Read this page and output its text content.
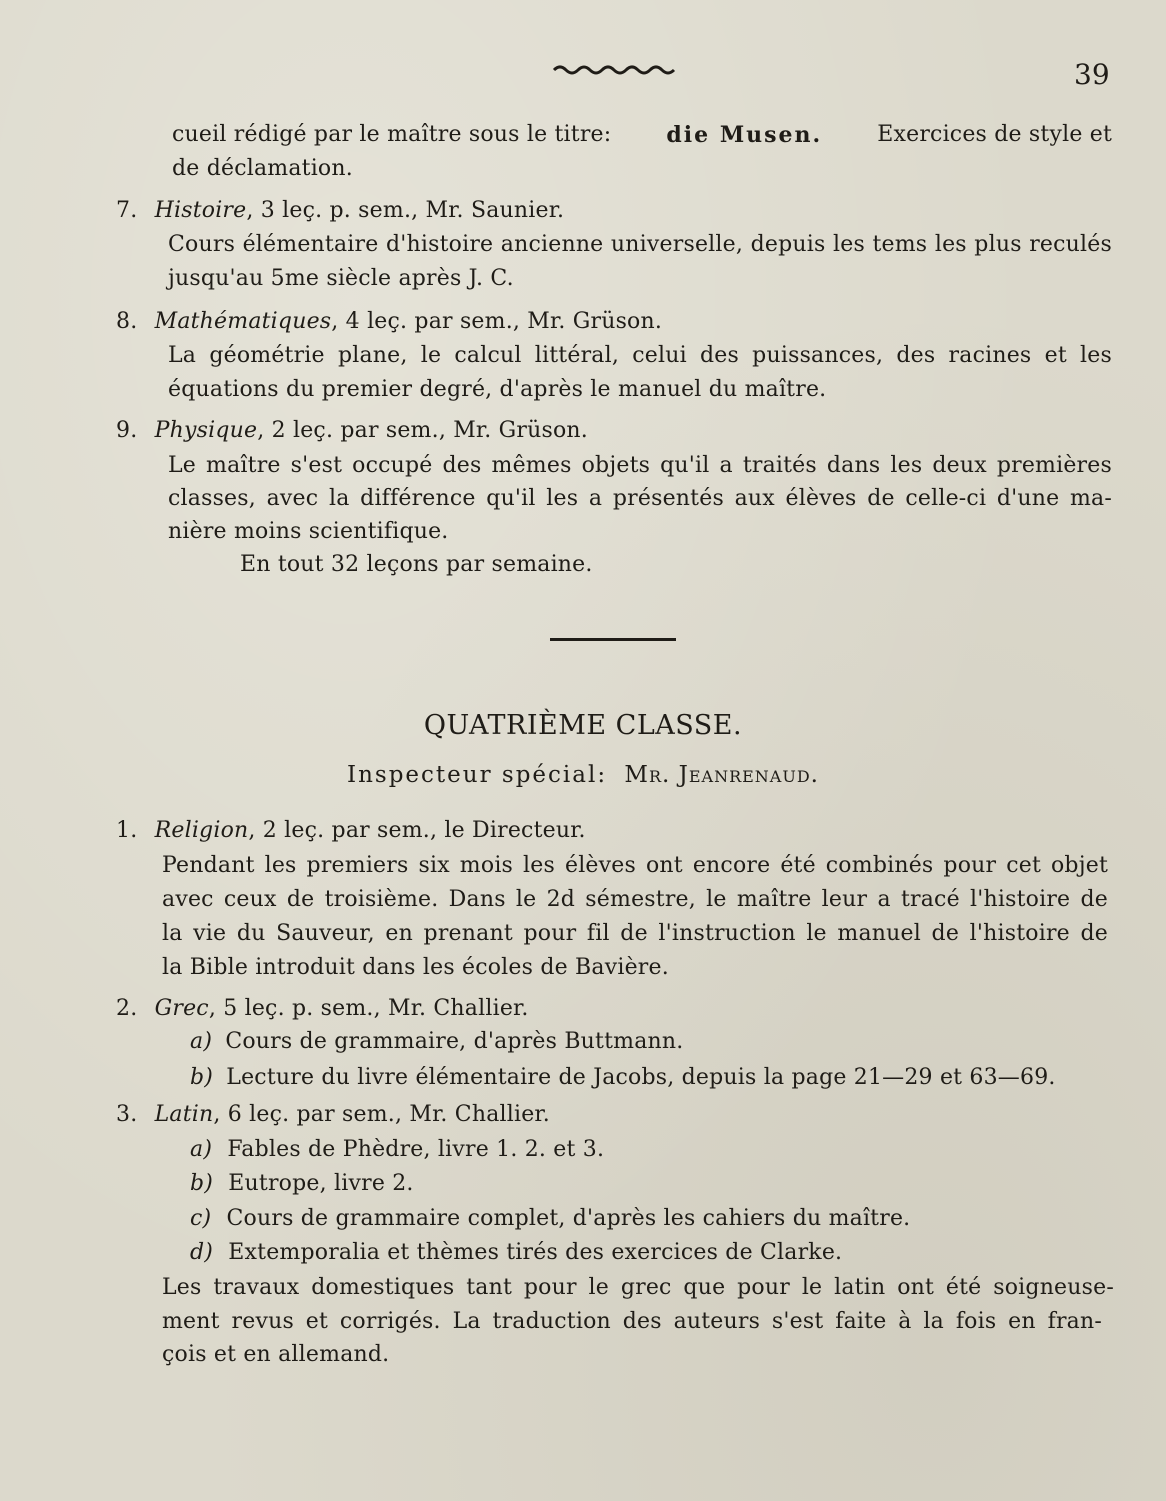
39
cueil rédigé par le maître sous le titre:	die Musen.	Exercices de style et
de déclamation.
7. Histoire, 3 leç. p. sem., Mr. Saunier.
Cours élémentaire d'histoire ancienne universelle, depuis les tems les plus reculés
jusqu'au 5me siècle après J. C.
8. Mathématiques, 4 leç. par sem., Mr. Grüson.
La géométrie plane, le calcul littéral, celui des puissances, des racines et les
équations du premier degré, d'après le manuel du maître.
9. Physique, 2 leç. par sem., Mr. Grüson.
Le maître s'est occupé des mêmes objets qu'il a traités dans les deux premières
classes, avec la différence qu'il les a présentés aux élèves de celle-ci d'une ma-
nière moins scientifique.
En tout 32 leçons par semaine.
QUATRIÈME CLASSE.
Inspecteur spécial: Mr. Jeanrenaud.
1. Religion, 2 leç. par sem., le Directeur.
Pendant les premiers six mois les élèves ont encore été combinés pour cet objet
avec ceux de troisième. Dans le 2d sémestre, le maître leur a tracé l'histoire de
la vie du Sauveur, en prenant pour fil de l'instruction le manuel de l'histoire de
la Bible introduit dans les écoles de Bavière.
2. Grec, 5 leç. p. sem., Mr. Challier.
a) Cours de grammaire, d'après Buttmann.
b) Lecture du livre élémentaire de Jacobs, depuis la page 21—29 et 63—69.
3. Latin, 6 leç. par sem., Mr. Challier.
a) Fables de Phèdre, livre 1. 2. et 3.
b) Eutrope, livre 2.
c) Cours de grammaire complet, d'après les cahiers du maître.
d) Extemporalia et thèmes tirés des exercices de Clarke.
Les travaux domestiques tant pour le grec que pour le latin ont été soigneuse-
ment revus et corrigés. La traduction des auteurs s'est faite à la fois en fran-
çois et en allemand.
